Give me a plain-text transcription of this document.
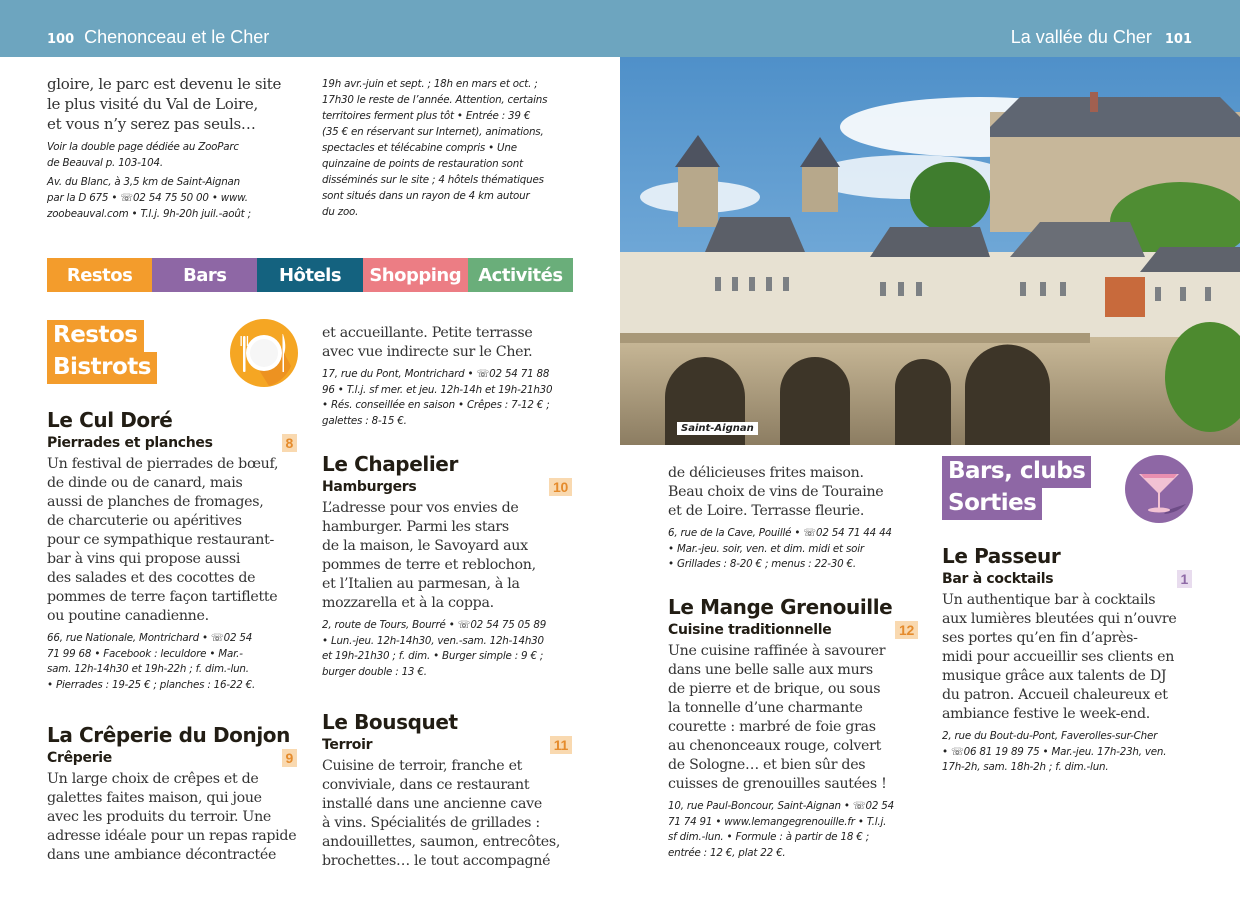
100 Chenonceau et le Cher	La vallée du Cher 101
gloire, le parc est devenu le site
le plus visité du Val de Loire,
et vous n’y serez pas seuls…
Voir la double page dédiée au ZooParc
de Beauval p. 103-104.
Av. du Blanc, à 3,5 km de Saint-Aignan
par la D 675 • ☏02 54 75 50 00 • www.
zoobeauval.com • T.l.j. 9h-20h juil.-août ;
19h avr.-juin et sept. ; 18h en mars et oct. ;
17h30 le reste de l’année. Attention, certains
territoires ferment plus tôt • Entrée : 39 €
(35 € en réservant sur Internet), animations,
spectacles et télécabine compris • Une
quinzaine de points de restauration sont
disséminés sur le site ; 4 hôtels thématiques
sont situés dans un rayon de 4 km autour
du zoo.
Restos	Bars	Hôtels	Shopping Activités
Restos
Bistrots
Le Cul Doré
Pierrades et planches	8
Un festival de pierrades de bœuf,
de dinde ou de canard, mais
aussi de planches de fromages,
de charcuterie ou apéritives
pour ce sympathique restaurant-
bar à vins qui propose aussi
des salades et des cocottes de
pommes de terre façon tartiflette
ou poutine canadienne.
66, rue Nationale, Montrichard • ☏02 54
71 99 68 • Facebook : leculdore • Mar.-
sam. 12h-14h30 et 19h-22h ; f. dim.-lun.
• Pierrades : 19-25 € ; planches : 16-22 €.
La Crêperie du Donjon
Crêperie	9
Un large choix de crêpes et de
galettes faites maison, qui joue
avec les produits du terroir. Une
adresse idéale pour un repas rapide
dans une ambiance décontractée
et accueillante. Petite terrasse
avec vue indirecte sur le Cher.
17, rue du Pont, Montrichard • ☏02 54 71 88
96 • T.l.j. sf mer. et jeu. 12h-14h et 19h-21h30
• Rés. conseillée en saison • Crêpes : 7-12 € ;
galettes : 8-15 €.
Le Chapelier
Hamburgers	10
L’adresse pour vos envies de
hamburger. Parmi les stars
de la maison, le Savoyard aux
pommes de terre et reblochon,
et l’Italien au parmesan, à la
mozzarella et à la coppa.
2, route de Tours, Bourré • ☏02 54 75 05 89
• Lun.-jeu. 12h-14h30, ven.-sam. 12h-14h30
et 19h-21h30 ; f. dim. • Burger simple : 9 € ;
burger double : 13 €.
Le Bousquet
Terroir	11
Cuisine de terroir, franche et
conviviale, dans ce restaurant
installé dans une ancienne cave
à vins. Spécialités de grillades :
andouillettes, saumon, entrecôtes,
brochettes… le tout accompagné
Saint-Aignan
de délicieuses frites maison.
Beau choix de vins de Touraine
et de Loire. Terrasse fleurie.
6, rue de la Cave, Pouillé • ☏02 54 71 44 44
• Mar.-jeu. soir, ven. et dim. midi et soir
• Grillades : 8-20 € ; menus : 22-30 €.
Le Mange Grenouille
Cuisine traditionnelle	12
Une cuisine raffinée à savourer
dans une belle salle aux murs
de pierre et de brique, ou sous
la tonnelle d’une charmante
courette : marbré de foie gras
au chenonceaux rouge, colvert
de Sologne… et bien sûr des
cuisses de grenouilles sautées !
10, rue Paul-Boncour, Saint-Aignan • ☏02 54
71 74 91 • www.lemangegrenouille.fr • T.l.j.
sf dim.-lun. • Formule : à partir de 18 € ;
entrée : 12 €, plat 22 €.
Bars, clubs
Sorties
Le Passeur
Bar à cocktails	1
Un authentique bar à cocktails
aux lumières bleutées qui n’ouvre
ses portes qu’en fin d’après-
midi pour accueillir ses clients en
musique grâce aux talents de DJ
du patron. Accueil chaleureux et
ambiance festive le week-end.
2, rue du Bout-du-Pont, Faverolles-sur-Cher
• ☏06 81 19 89 75 • Mar.-jeu. 17h-23h, ven.
17h-2h, sam. 18h-2h ; f. dim.-lun.
